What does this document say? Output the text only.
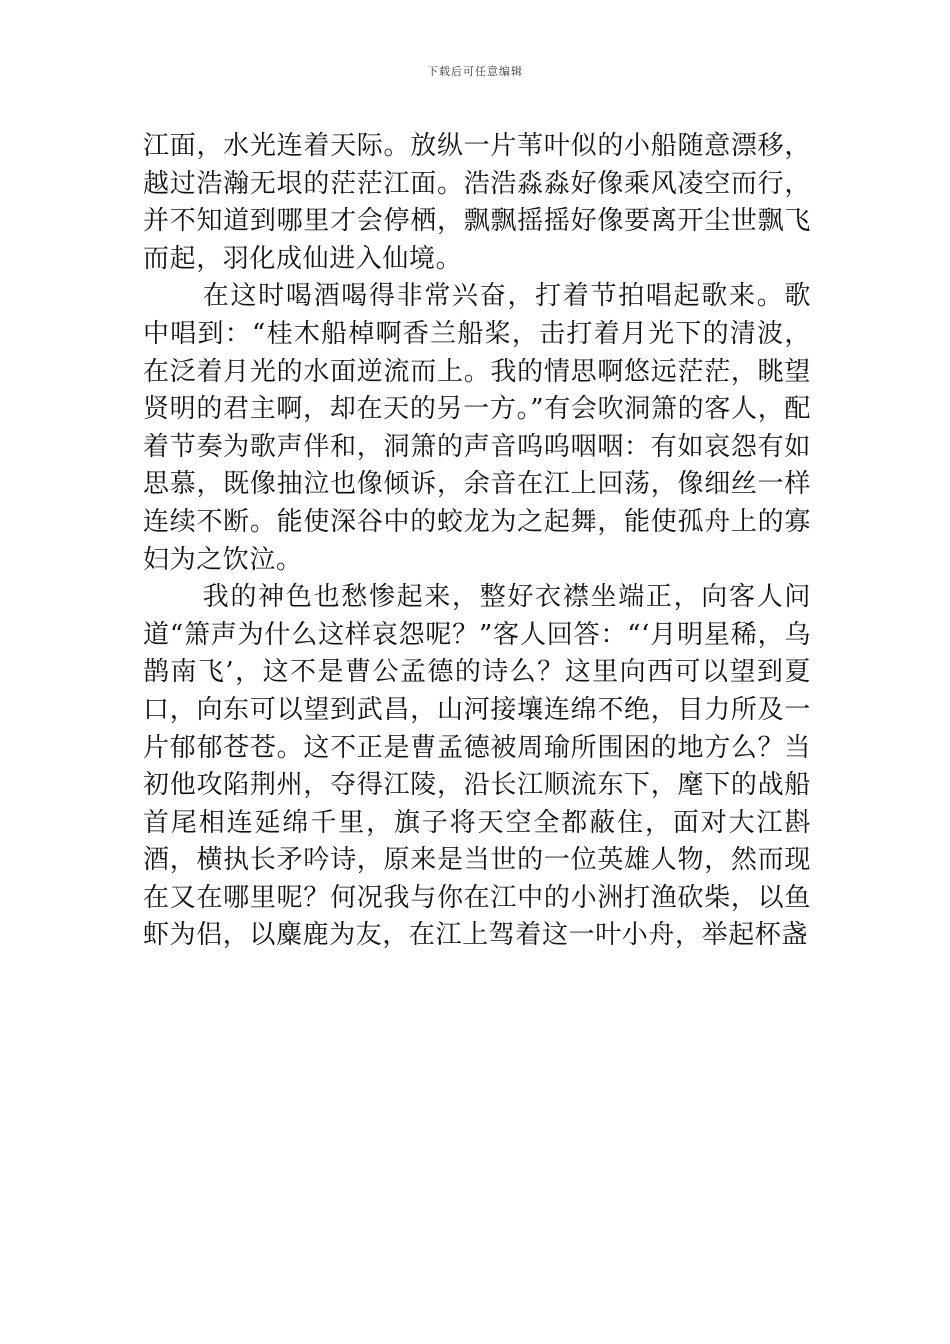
下载后可任意编辑

江面，水光连着天际。放纵一片苇叶似的小船随意漂移，越过浩瀚无垠的茫茫江面。浩浩淼淼好像乘风凌空而行，并不知道到哪里才会停栖，飘飘摇摇好像要离开尘世飘飞而起，羽化成仙进入仙境。

在这时喝酒喝得非常兴奋，打着节拍唱起歌来。歌中唱到：“桂木船棹啊香兰船桨，击打着月光下的清波，在泛着月光的水面逆流而上。我的情思啊悠远茫茫，眺望贤明的君主啊，却在天的另一方。”有会吹洞箫的客人，配着节奏为歌声伴和，洞箫的声音呜呜咽咽：有如哀怨有如思慕，既像抽泣也像倾诉，余音在江上回荡，像细丝一样连续不断。能使深谷中的蛟龙为之起舞，能使孤舟上的寡妇为之饮泣。

我的神色也愁惨起来，整好衣襟坐端正，向客人问道“箫声为什么这样哀怨呢？”客人回答：“‘月明星稀，乌鹊南飞’，这不是曹公孟德的诗么？这里向西可以望到夏口，向东可以望到武昌，山河接壤连绵不绝，目力所及一片郁郁苍苍。这不正是曹孟德被周瑜所围困的地方么？当初他攻陷荆州，夺得江陵，沿长江顺流东下，麾下的战船首尾相连延绵千里，旗子将天空全都蔽住，面对大江斟酒，横执长矛吟诗，原来是当世的一位英雄人物，然而现在又在哪里呢？何况我与你在江中的小洲打渔砍柴，以鱼虾为侣，以麋鹿为友，在江上驾着这一叶小舟，举起杯盏
